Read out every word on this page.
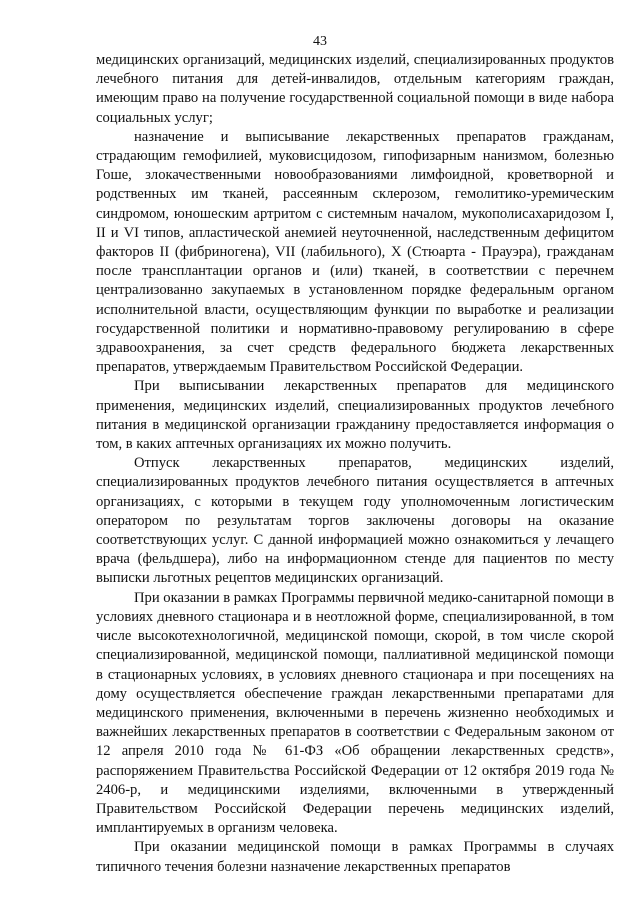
43

медицинских организаций, медицинских изделий, специализированных продуктов лечебного питания для детей-инвалидов, отдельным категориям граждан, имеющим право на получение государственной социальной помощи в виде набора социальных услуг;

назначение и выписывание лекарственных препаратов гражданам, страдающим гемофилией, муковисцидозом, гипофизарным нанизмом, болезнью Гоше, злокачественными новообразованиями лимфоидной, кроветворной и родственных им тканей, рассеянным склерозом, гемолитико-уремическим синдромом, юношеским артритом с системным началом, мукополисахаридозом I, II и VI типов, апластической анемией неуточненной, наследственным дефицитом факторов II (фибриногена), VII (лабильного), X (Стюарта - Прауэра), гражданам после трансплантации органов и (или) тканей, в соответствии с перечнем централизованно закупаемых в установленном порядке федеральным органом исполнительной власти, осуществляющим функции по выработке и реализации государственной политики и нормативно-правовому регулированию в сфере здравоохранения, за счет средств федерального бюджета лекарственных препаратов, утверждаемым Правительством Российской Федерации.

При выписывании лекарственных препаратов для медицинского применения, медицинских изделий, специализированных продуктов лечебного питания в медицинской организации гражданину предоставляется информация о том, в каких аптечных организациях их можно получить.

Отпуск лекарственных препаратов, медицинских изделий, специализированных продуктов лечебного питания осуществляется в аптечных организациях, с которыми в текущем году уполномоченным логистическим оператором по результатам торгов заключены договоры на оказание соответствующих услуг. С данной информацией можно ознакомиться у лечащего врача (фельдшера), либо на информационном стенде для пациентов по месту выписки льготных рецептов медицинских организаций.

При оказании в рамках Программы первичной медико-санитарной помощи в условиях дневного стационара и в неотложной форме, специализированной, в том числе высокотехнологичной, медицинской помощи, скорой, в том числе скорой специализированной, медицинской помощи, паллиативной медицинской помощи в стационарных условиях, в условиях дневного стационара и при посещениях на дому осуществляется обеспечение граждан лекарственными препаратами для медицинского применения, включенными в перечень жизненно необходимых и важнейших лекарственных препаратов в соответствии с Федеральным законом от 12 апреля 2010 года № 61-ФЗ «Об обращении лекарственных средств», распоряжением Правительства Российской Федерации от 12 октября 2019 года № 2406-р, и медицинскими изделиями, включенными в утвержденный Правительством Российской Федерации перечень медицинских изделий, имплантируемых в организм человека.

При оказании медицинской помощи в рамках Программы в случаях типичного течения болезни назначение лекарственных препаратов
